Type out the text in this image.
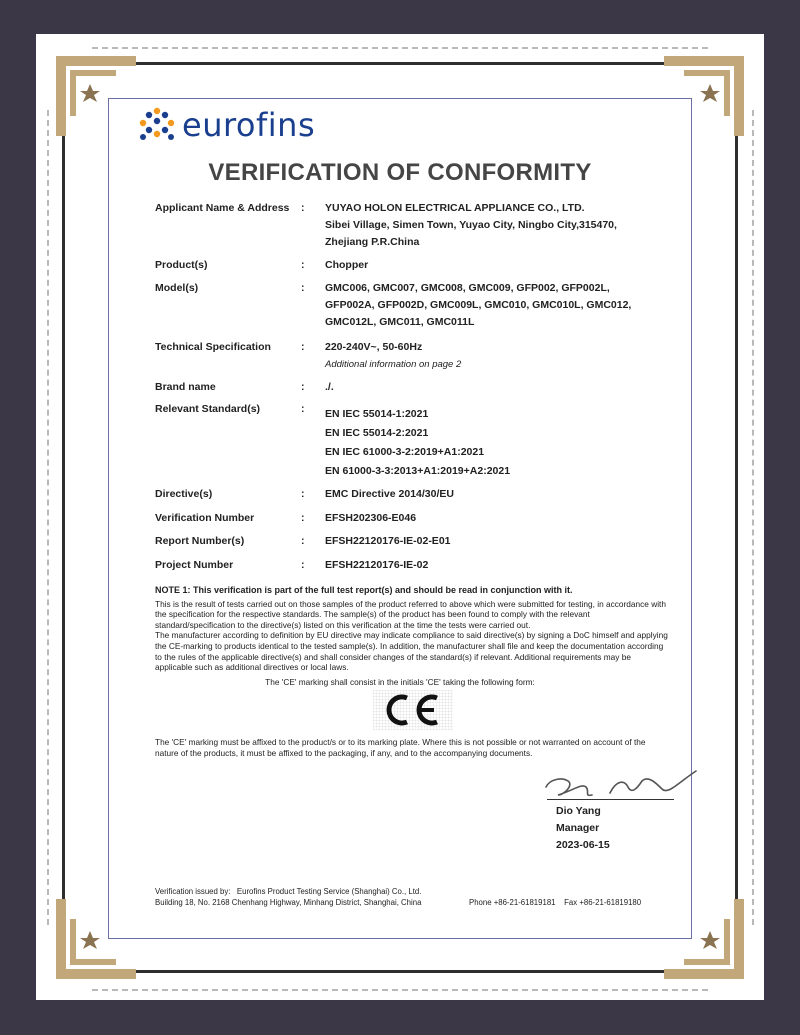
eurofins
VERIFICATION OF CONFORMITY
Applicant Name & Address	: YUYAO HOLON ELECTRICAL APPLIANCE CO., LTD.
Sibei Village, Simen Town, Yuyao City, Ningbo City,315470,
Zhejiang P.R.China
Product(s)	: Chopper
Model(s)	: GMC006, GMC007, GMC008, GMC009, GFP002, GFP002L,
GFP002A, GFP002D, GMC009L, GMC010, GMC010L, GMC012,
GMC012L, GMC011, GMC011L
Technical Specification	: 220-240V~, 50-60Hz
Additional information on page 2
Brand name	: ./.
Relevant Standard(s)	: EN IEC 55014-1:2021
EN IEC 55014-2:2021
EN IEC 61000-3-2:2019+A1:2021
EN 61000-3-3:2013+A1:2019+A2:2021
Directive(s)	: EMC Directive 2014/30/EU
Verification Number	: EFSH202306-E046
Report Number(s)	: EFSH22120176-IE-02-E01
Project Number	: EFSH22120176-IE-02
NOTE 1: This verification is part of the full test report(s) and should be read in conjunction with it.
This is the result of tests carried out on those samples of the product referred to above which were submitted for testing, in accordance with the specification for the respective standards. The sample(s) of the product has been found to comply with the relevant standard/specification to the directive(s) listed on this verification at the time the tests were carried out.
The manufacturer according to definition by EU directive may indicate compliance to said directive(s) by signing a DoC himself and applying the CE-marking to products identical to the tested sample(s). In addition, the manufacturer shall file and keep the documentation according to the rules of the applicable directive(s) and shall consider changes of the standard(s) if relevant. Additional requirements may be applicable such as additional directives or local laws.
The 'CE' marking shall consist in the initials 'CE' taking the following form:
The 'CE' marking must be affixed to the product/s or to its marking plate. Where this is not possible or not warranted on account of the nature of the products, it must be affixed to the packaging, if any, and to the accompanying documents.
Dio Yang
Manager
2023-06-15
Verification issued by:   Eurofins Product Testing Service (Shanghai) Co., Ltd.
Building 18, No. 2168 Chenhang Highway, Minhang District, Shanghai, China	Phone +86-21-61819181    Fax +86-21-61819180
